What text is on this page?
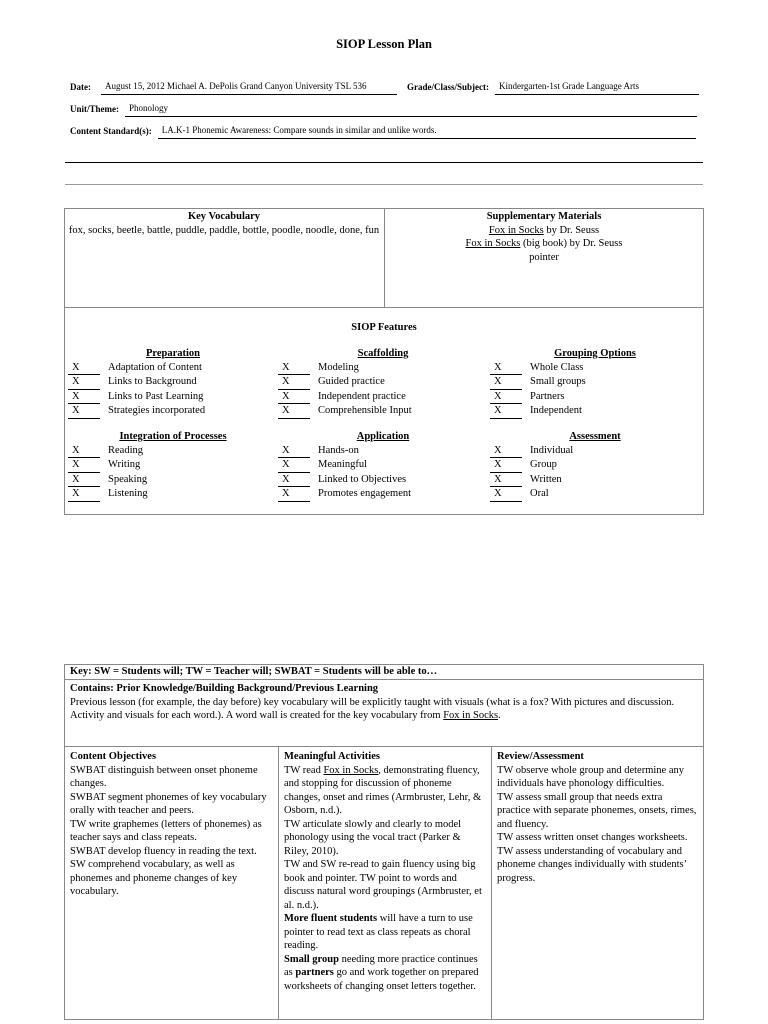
SIOP Lesson Plan
Date:	August 15, 2012 Michael A. DePolis Grand Canyon University TSL 536	Grade/Class/Subject:	Kindergarten-1st Grade Language Arts
Unit/Theme:	Phonology
Content Standard(s):	LA.K-1 Phonemic Awareness: Compare sounds in similar and unlike words.
Key Vocabulary
fox, socks, beetle, battle, puddle, paddle, bottle, poodle, noodle, done, fun
Supplementary Materials
Fox in Socks by Dr. Seuss
Fox in Socks (big book) by Dr. Seuss
pointer
SIOP Features
Preparation
X	Adaptation of Content
X	Links to Background
X	Links to Past Learning
X	Strategies incorporated
Scaffolding
X	Modeling
X	Guided practice
X	Independent practice
X	Comprehensible Input
Grouping Options
X	Whole Class
X	Small groups
X	Partners
X	Independent
Integration of Processes
X	Reading
X	Writing
X	Speaking
X	Listening
Application
X	Hands-on
X	Meaningful
X	Linked to Objectives
X	Promotes engagement
Assessment
X	Individual
X	Group
X	Written
X	Oral
Key: SW = Students will; TW = Teacher will; SWBAT = Students will be able to…
Contains: Prior Knowledge/Building Background/Previous Learning
Previous lesson (for example, the day before) key vocabulary will be explicitly taught with visuals (what is a fox? With pictures and discussion. Activity and visuals for each word.). A word wall is created for the key vocabulary from Fox in Socks.
Content Objectives
SWBAT distinguish between onset phoneme changes.
SWBAT segment phonemes of key vocabulary orally with teacher and peers.
TW write graphemes (letters of phonemes) as teacher says and class repeats.
SWBAT develop fluency in reading the text.
SW comprehend vocabulary, as well as phonemes and phoneme changes of key vocabulary.
Meaningful Activities
TW read Fox in Socks, demonstrating fluency, and stopping for discussion of phoneme changes, onset and rimes (Armbruster, Lehr, & Osborn, n.d.).
TW articulate slowly and clearly to model phonology using the vocal tract (Parker & Riley, 2010).
TW and SW re-read to gain fluency using big book and pointer. TW point to words and discuss natural word groupings (Armbruster, et al. n.d.).
More fluent students will have a turn to use pointer to read text as class repeats as choral reading.
Small group needing more practice continues as partners go and work together on prepared worksheets of changing onset letters together.
Review/Assessment
TW observe whole group and determine any individuals have phonology difficulties.
TW assess small group that needs extra practice with separate phonemes, onsets, rimes, and fluency.
TW assess written onset changes worksheets.
TW assess understanding of vocabulary and phoneme changes individually with students’ progress.
